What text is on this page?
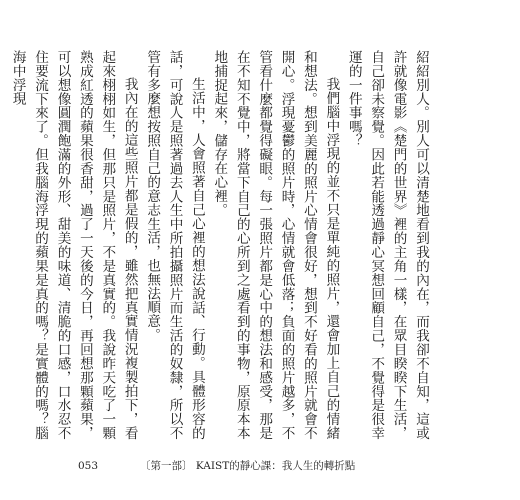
紹紹別人。別人可以清楚地看到我的內在，而我卻不自知，這或許就像電影《楚門的世界》裡的主角一樣，在眾目睽睽下生活，自己卻未察覺。因此若能透過靜心冥想回顧自己，不覺得是很幸運的一件事嗎？

我們腦中浮現的並不只是單純的照片，還會加上自己的情緒和想法。想到美麗的照片心情會很好，想到不好看的照片就會不開心。浮現憂鬱的照片時，心情就會低落；負面的照片越多，不管看什麼都覺得礙眼。每一張照片都是心中的想法和感受，那是在不知不覺中，將當下自己的心所到之處看到的事物，原原本本地捕捉起來，儲存在心裡。

生活中，人會照著自己心裡的想法說話、行動。具體形容的話，可說人是照著過去人生中所拍攝照片而生活的奴隸，所以不管有多麼想按照自己的意志生活，也無法順意。

我內在的這些照片都是假的，雖然把真實情況複製拍下，看起來栩栩如生，但那只是照片，不是真實的。我說昨天吃了一顆熟成紅透的蘋果很香甜，過了一天後的今日，再回想那顆蘋果，可以想像圓潤飽滿的外形、甜美的味道、清脆的口感，口水忍不住要流下來了。但我腦海浮現的蘋果是真的嗎？是實體的嗎？腦海中浮現

053	〔第一部〕 KAIST的靜心課：我人生的轉折點
